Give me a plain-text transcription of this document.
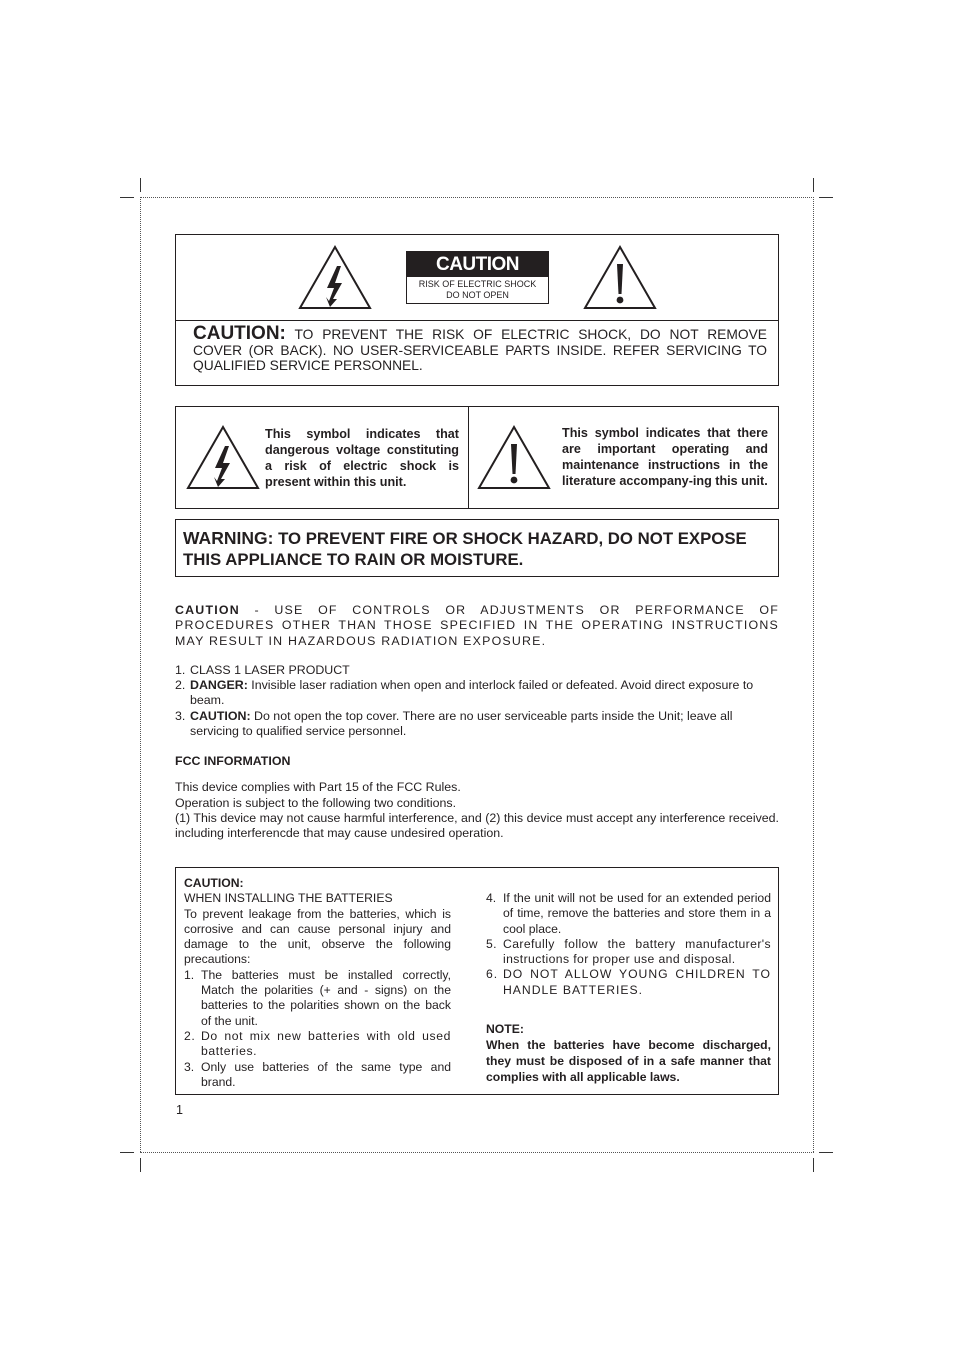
CAUTION
RISK OF ELECTRIC SHOCK
DO NOT OPEN
CAUTION: TO PREVENT THE RISK OF ELECTRIC SHOCK, DO NOT REMOVE COVER (OR BACK). NO USER-SERVICEABLE PARTS INSIDE. REFER SERVICING TO QUALIFIED SERVICE PERSONNEL.
This symbol indicates that dangerous voltage constituting a risk of electric shock is present within this unit.
This symbol indicates that there are important operating and maintenance instructions in the literature accompany-ing this unit.
WARNING: TO PREVENT FIRE OR SHOCK HAZARD, DO NOT EXPOSE THIS APPLIANCE TO RAIN OR MOISTURE.
CAUTION - USE OF CONTROLS OR ADJUSTMENTS OR PERFORMANCE OF PROCEDURES OTHER THAN THOSE SPECIFIED IN THE OPERATING INSTRUCTIONS MAY RESULT IN HAZARDOUS RADIATION EXPOSURE.
1. CLASS 1 LASER PRODUCT
2. DANGER: Invisible laser radiation when open and interlock failed or defeated. Avoid direct exposure to beam.
3. CAUTION: Do not open the top cover. There are no user serviceable parts inside the Unit; leave all servicing to qualified service personnel.
FCC INFORMATION
This device complies with Part 15 of the FCC Rules.
Operation is subject to the following two conditions.
(1) This device may not cause harmful interference, and (2) this device must accept any interference received. including interferencde that may cause undesired operation.
CAUTION:
WHEN INSTALLING THE BATTERIES
To prevent leakage from the batteries, which is corrosive and can cause personal injury and damage to the unit, observe the following precautions:
1. The batteries must be installed correctly, Match the polarities (+ and - signs) on the batteries to the polarities shown on the back of the unit.
2. Do not mix new batteries with old used batteries.
3. Only use batteries of the same type and brand.
4. If the unit will not be used for an extended period of time, remove the batteries and store them in a cool place.
5. Carefully follow the battery manufacturer's instructions for proper use and disposal.
6. DO NOT ALLOW YOUNG CHILDREN TO HANDLE BATTERIES.
NOTE:
When the batteries have become discharged, they must be disposed of in a safe manner that complies with all applicable laws.
1
